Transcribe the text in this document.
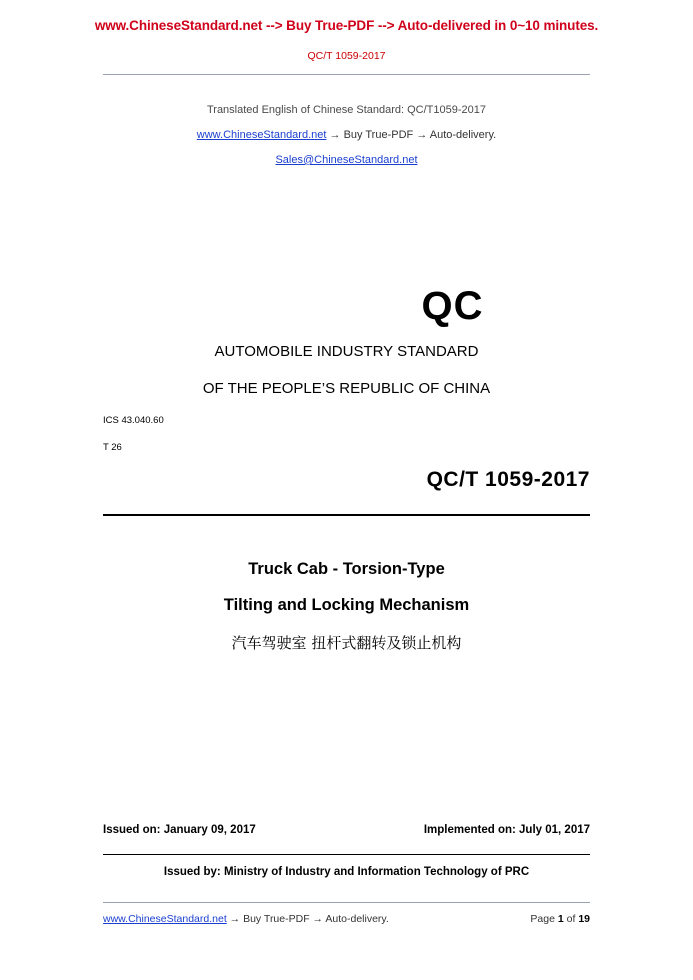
www.ChineseStandard.net --> Buy True-PDF --> Auto-delivered in 0~10 minutes.
QC/T 1059-2017
Translated English of Chinese Standard: QC/T1059-2017
www.ChineseStandard.net → Buy True-PDF → Auto-delivery.
Sales@ChineseStandard.net
QC
AUTOMOBILE INDUSTRY STANDARD
OF THE PEOPLE’S REPUBLIC OF CHINA
ICS 43.040.60
T 26
QC/T 1059-2017
Truck Cab - Torsion-Type
Tilting and Locking Mechanism
汽车驾驶室 扭杆式翻转及锁止机构
Issued on: January 09, 2017	Implemented on: July 01, 2017
Issued by: Ministry of Industry and Information Technology of PRC
www.ChineseStandard.net → Buy True-PDF → Auto-delivery.	Page 1 of 19
